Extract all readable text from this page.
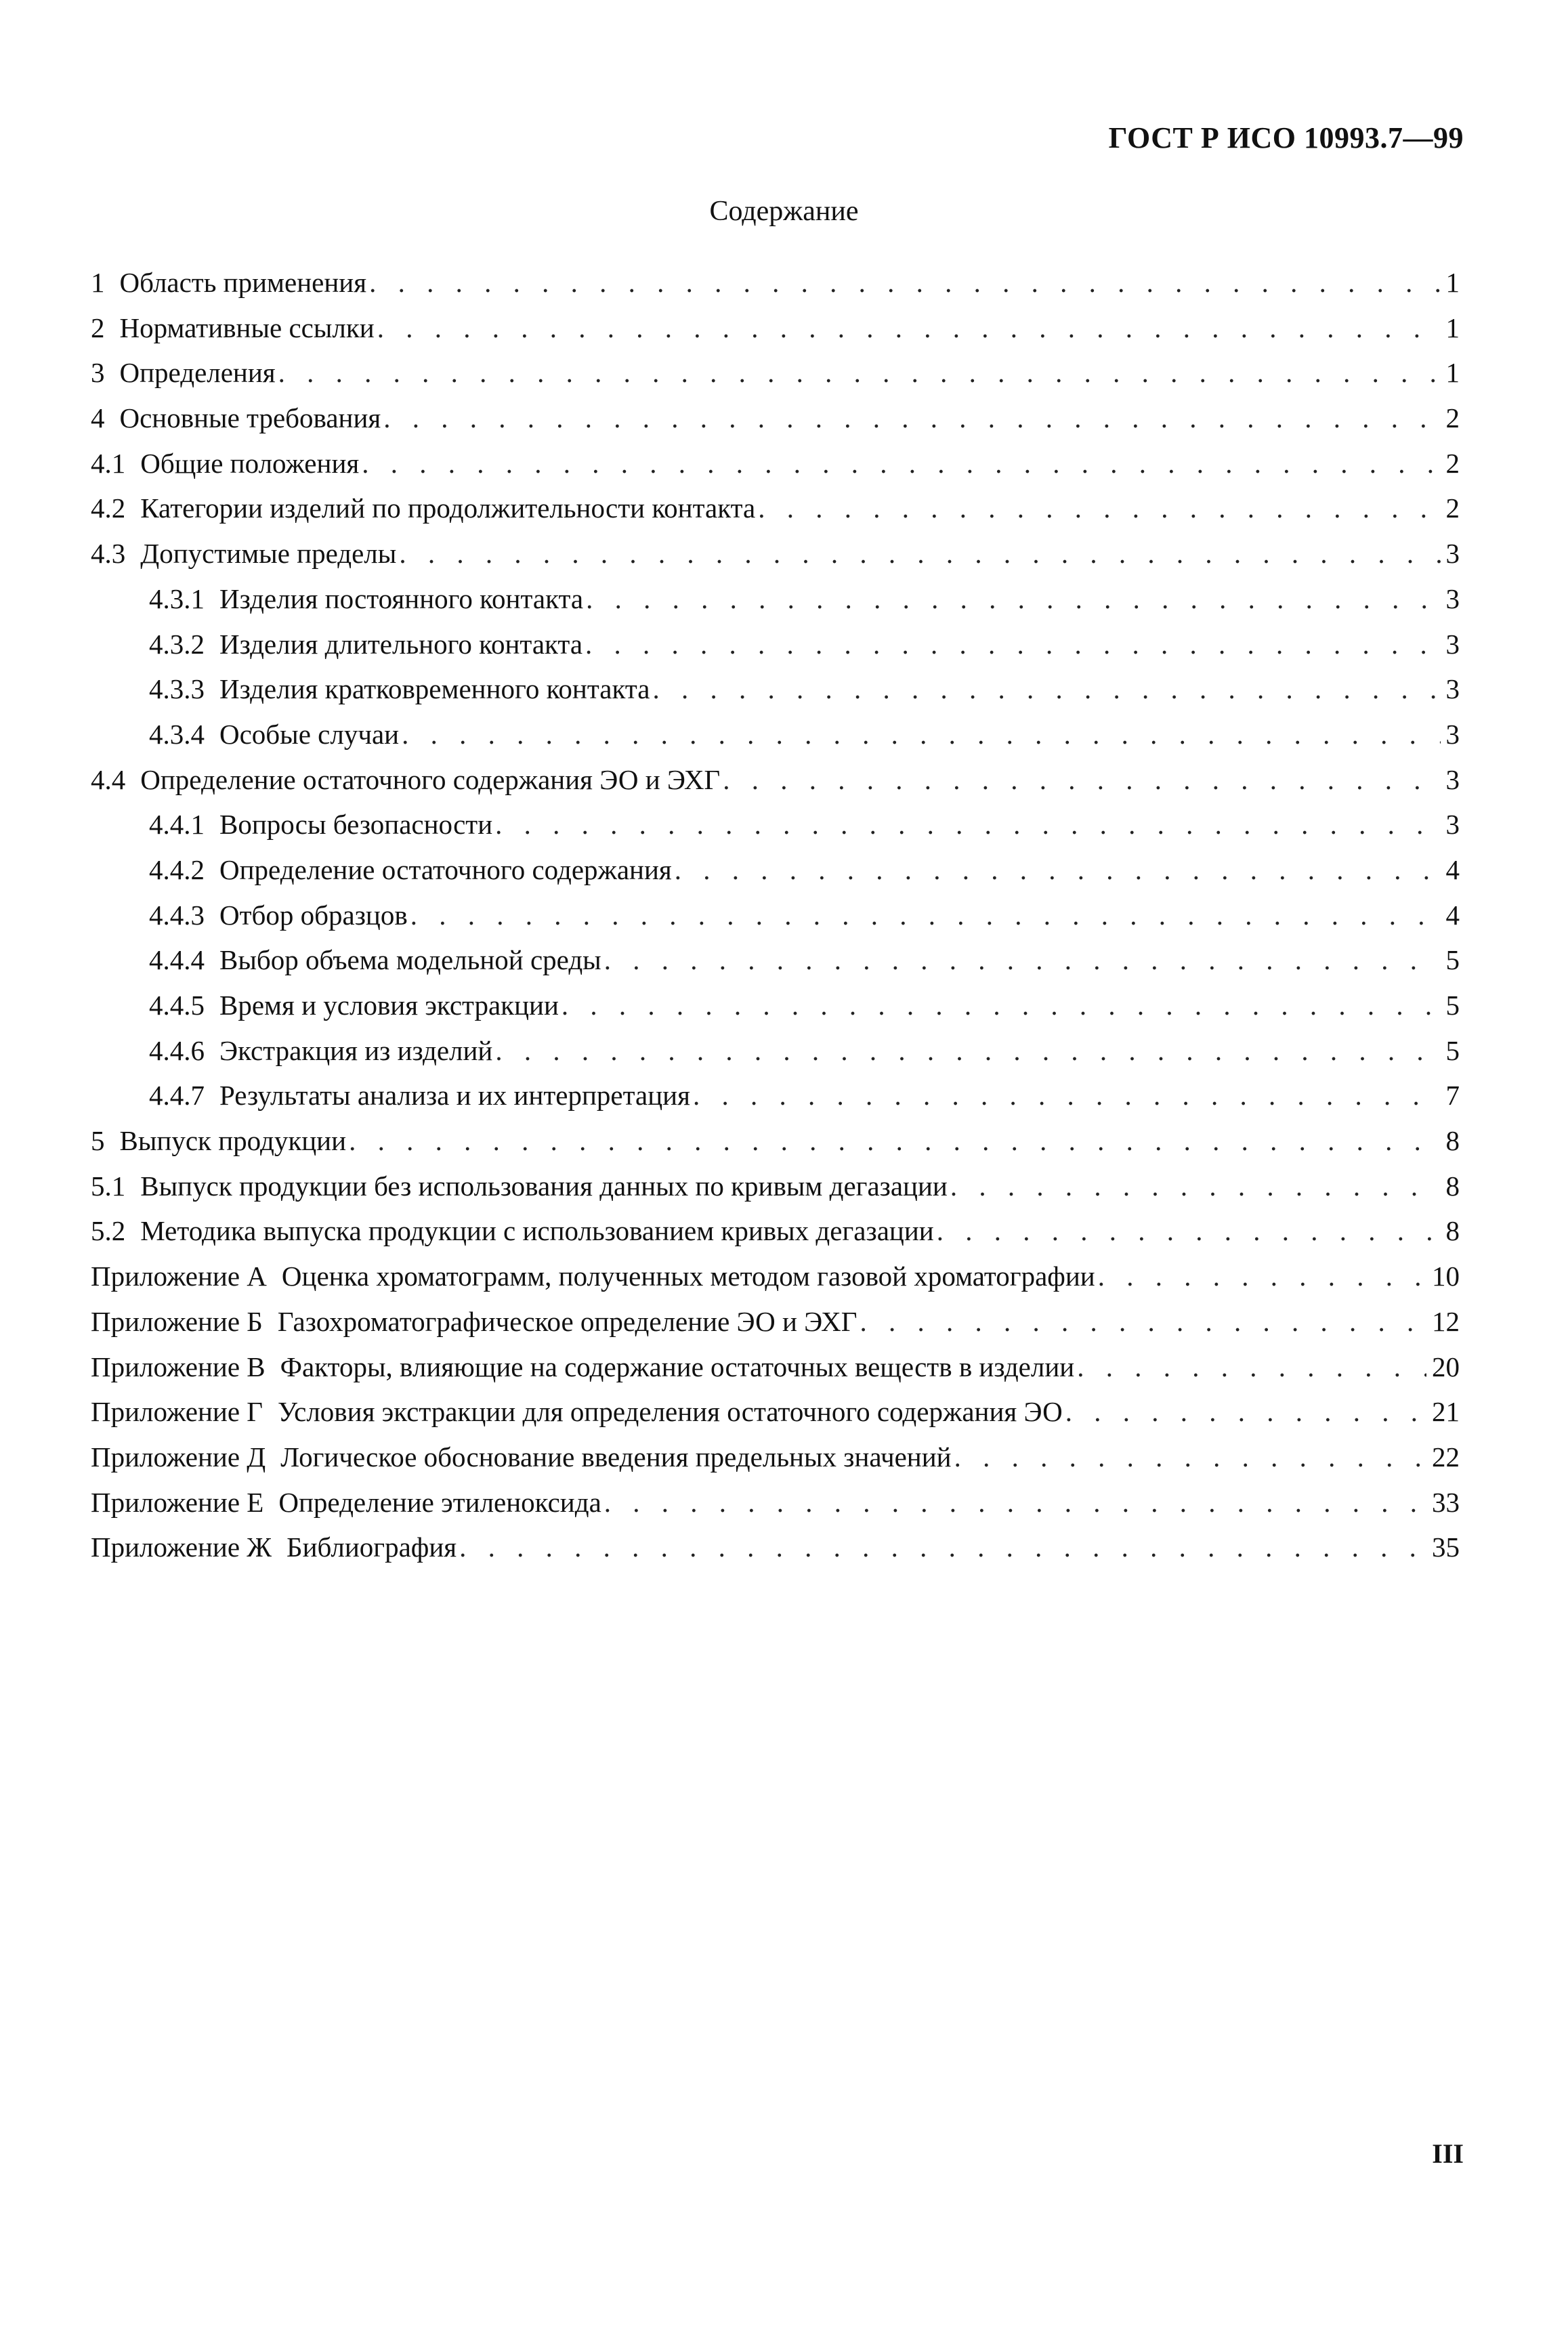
ГОСТ Р ИСО 10993.7—99
Содержание
1 Область применения . . .	1
2 Нормативные ссылки . . .	1
3 Определения . . .	1
4 Основные требования . . .	2
4.1 Общие положения . . .	2
4.2 Категории изделий по продолжительности контакта . . .	2
4.3 Допустимые пределы . . .	3
4.3.1 Изделия постоянного контакта . . .	3
4.3.2 Изделия длительного контакта . . .	3
4.3.3 Изделия кратковременного контакта . . .	3
4.3.4 Особые случаи . . .	3
4.4 Определение остаточного содержания ЭО и ЭХГ . . .	3
4.4.1 Вопросы безопасности . . .	3
4.4.2 Определение остаточного содержания . . .	4
4.4.3 Отбор образцов . . .	4
4.4.4 Выбор объема модельной среды . . .	5
4.4.5 Время и условия экстракции . . .	5
4.4.6 Экстракция из изделий . . .	5
4.4.7 Результаты анализа и их интерпретация . . .	7
5 Выпуск продукции . . .	8
5.1 Выпуск продукции без использования данных по кривым дегазации . . .	8
5.2 Методика выпуска продукции с использованием кривых дегазации . . .	8
Приложение А Оценка хроматограмм, полученных методом газовой хроматографии . . .	10
Приложение Б Газохроматографическое определение ЭО и ЭХГ . . .	12
Приложение В Факторы, влияющие на содержание остаточных веществ в изделии . . .	20
Приложение Г Условия экстракции для определения остаточного содержания ЭО . . .	21
Приложение Д Логическое обоснование введения предельных значений . . .	22
Приложение Е Определение этиленоксида . . .	33
Приложение Ж Библиография . . .	35
III
